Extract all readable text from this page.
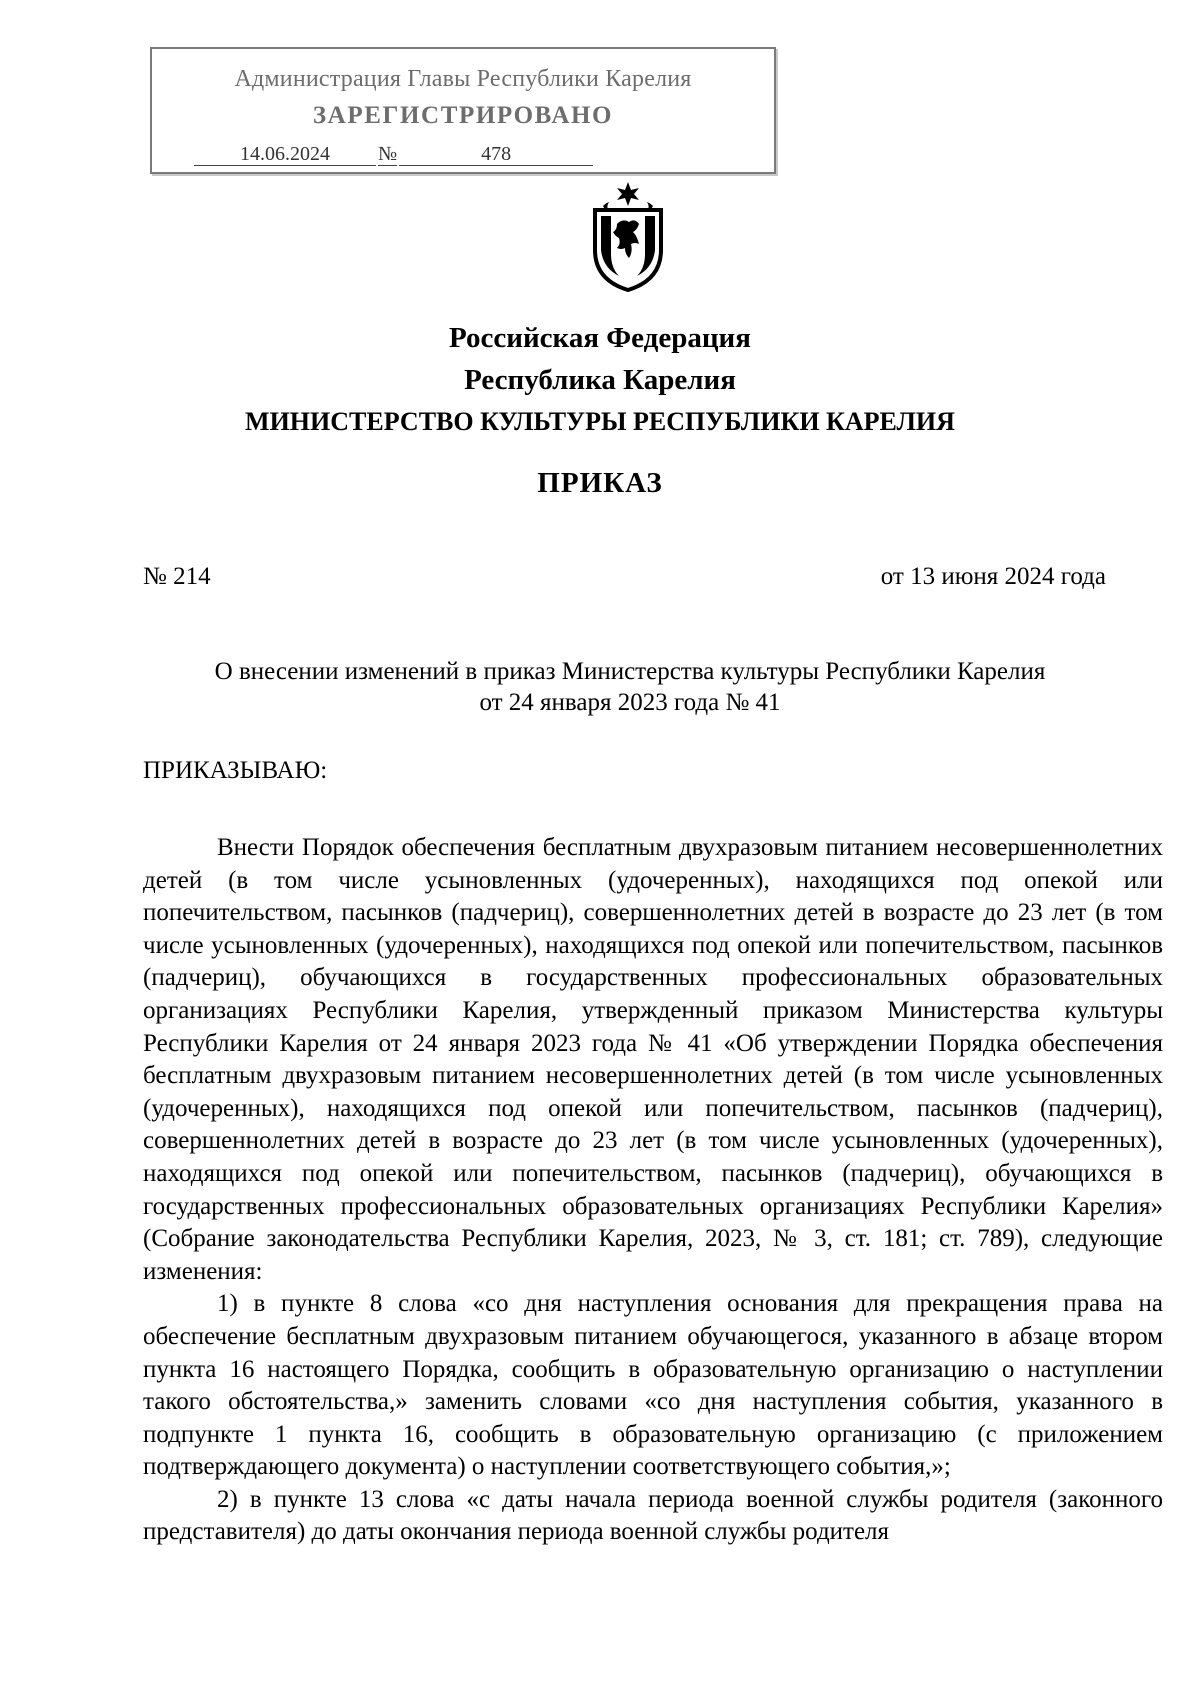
Администрация Главы Республики Карелия
ЗАРЕГИСТРИРОВАНО
14.06.2024 №	478
Российская Федерация
Республика Карелия
МИНИСТЕРСТВО КУЛЬТУРЫ РЕСПУБЛИКИ КАРЕЛИЯ
ПРИКАЗ
№ 214	от 13 июня 2024 года
О внесении изменений в приказ Министерства культуры Республики Карелия
от 24 января 2023 года № 41
ПРИКАЗЫВАЮ:

Внести Порядок обеспечения бесплатным двухразовым питанием несовершеннолетних детей (в том числе усыновленных (удочеренных), находящихся под опекой или попечительством, пасынков (падчериц), совершеннолетних детей в возрасте до 23 лет (в том числе усыновленных (удочеренных), находящихся под опекой или попечительством, пасынков (падчериц), обучающихся в государственных профессиональных образовательных организациях Республики Карелия, утвержденный приказом Министерства культуры Республики Карелия от 24 января 2023 года № 41 «Об утверждении Порядка обеспечения бесплатным двухразовым питанием несовершеннолетних детей (в том числе усыновленных (удочеренных), находящихся под опекой или попечительством, пасынков (падчериц), совершеннолетних детей в возрасте до 23 лет (в том числе усыновленных (удочеренных), находящихся под опекой или попечительством, пасынков (падчериц), обучающихся в государственных профессиональных образовательных организациях Республики Карелия» (Собрание законодательства Республики Карелия, 2023, № 3, ст. 181; ст. 789), следующие изменения:

1) в пункте 8 слова «со дня наступления основания для прекращения права на обеспечение бесплатным двухразовым питанием обучающегося, указанного в абзаце втором пункта 16 настоящего Порядка, сообщить в образовательную организацию о наступлении такого обстоятельства,» заменить словами «со дня наступления события, указанного в подпункте 1 пункта 16, сообщить в образовательную организацию (с приложением подтверждающего документа) о наступлении соответствующего события,»;

2) в пункте 13 слова «с даты начала периода военной службы родителя (законного представителя) до даты окончания периода военной службы родителя
